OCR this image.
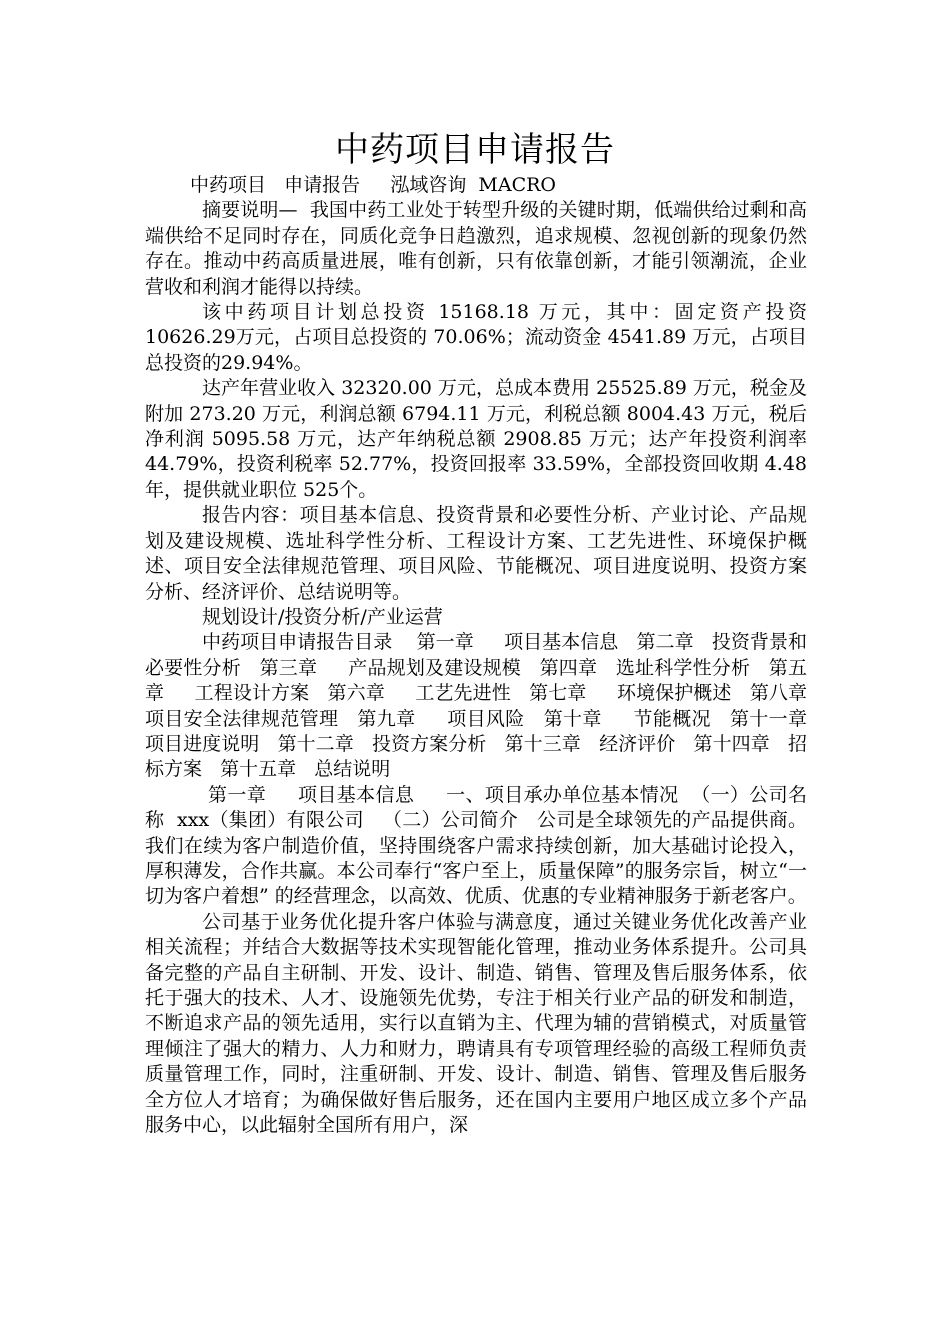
中药项目申请报告

中药项目   申请报告     泓域咨询  MACRO

摘要说明—  我国中药工业处于转型升级的关键时期，低端供给过剩和高端供给不足同时存在，同质化竞争日趋激烈，追求规模、忽视创新的现象仍然存在。推动中药高质量进展，唯有创新，只有依靠创新，才能引领潮流，企业营收和利润才能得以持续。

该中药项目计划总投资 15168.18 万元，其中：固定资产投资 10626.29万元，占项目总投资的 70.06%；流动资金 4541.89 万元，占项目总投资的29.94%。

达产年营业收入 32320.00 万元，总成本费用 25525.89 万元，税金及附加 273.20 万元，利润总额 6794.11 万元，利税总额 8004.43 万元，税后净利润 5095.58 万元，达产年纳税总额 2908.85 万元；达产年投资利润率44.79%，投资利税率 52.77%，投资回报率 33.59%，全部投资回收期 4.48年，提供就业职位 525个。

报告内容：项目基本信息、投资背景和必要性分析、产业讨论、产品规划及建设规模、选址科学性分析、工程设计方案、工艺先进性、环境保护概述、项目安全法律规范管理、项目风险、节能概况、项目进度说明、投资方案分析、经济评价、总结说明等。

规划设计/投资分析/产业运营

中药项目申请报告目录    第一章     项目基本信息   第二章   投资背景和必要性分析   第三章     产品规划及建设规模   第四章   选址科学性分析   第五章     工程设计方案   第六章     工艺先进性   第七章     环境保护概述   第八章     项目安全法律规范管理   第九章     项目风险   第十章     节能概况   第十一章   项目进度说明   第十二章   投资方案分析   第十三章   经济评价   第十四章   招标方案   第十五章   总结说明

第一章     项目基本信息     一、项目承办单位基本情况  （一）公司名称  xxx（集团）有限公司   （二）公司简介   公司是全球领先的产品提供商。我们在续为客户制造价值，坚持围绕客户需求持续创新，加大基础讨论投入，厚积薄发，合作共赢。本公司奉行“客户至上，质量保障”的服务宗旨，树立“一切为客户着想” 的经营理念，以高效、优质、优惠的专业精神服务于新老客户。

公司基于业务优化提升客户体验与满意度，通过关键业务优化改善产业相关流程；并结合大数据等技术实现智能化管理，推动业务体系提升。公司具备完整的产品自主研制、开发、设计、制造、销售、管理及售后服务体系，依托于强大的技术、人才、设施领先优势，专注于相关行业产品的研发和制造，不断追求产品的领先适用，实行以直销为主、代理为辅的营销模式，对质量管理倾注了强大的精力、人力和财力，聘请具有专项管理经验的高级工程师负责质量管理工作，同时，注重研制、开发、设计、制造、销售、管理及售后服务全方位人才培育；为确保做好售后服务，还在国内主要用户地区成立多个产品服务中心，以此辐射全国所有用户，深
